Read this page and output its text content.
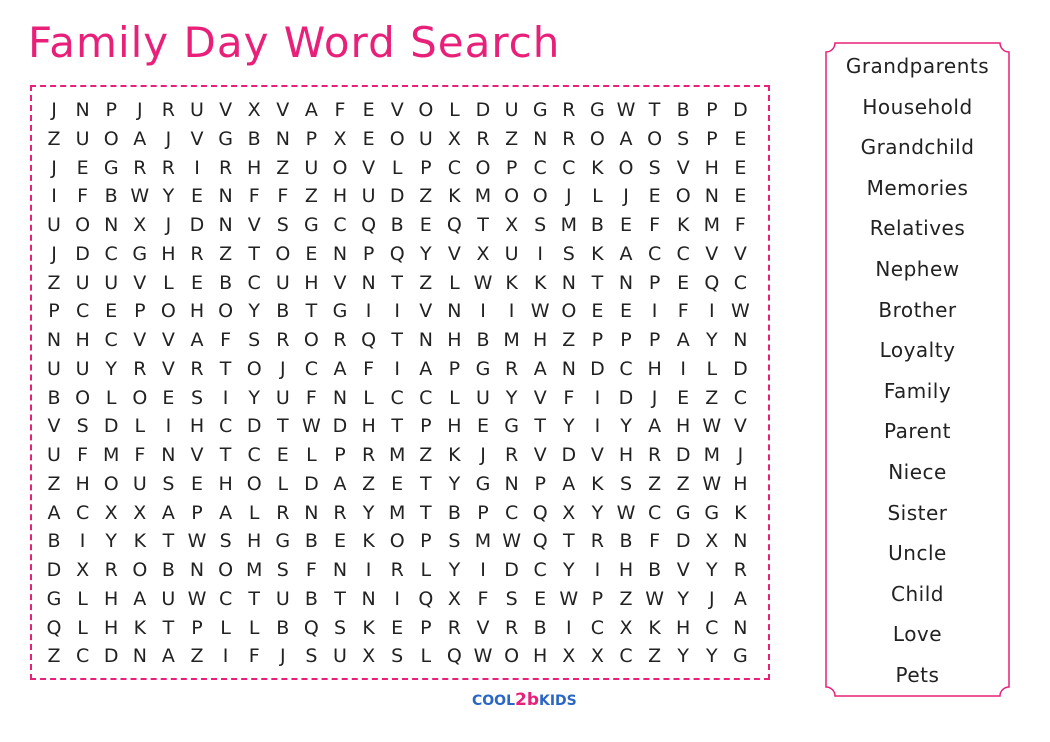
Family Day Word Search
J N P	J	R U V X V A F E V O L D U G R G W T B P D
Z U O A	J	V G B N P X E O U X R Z N R O A O S P E
J	E G R R	I	R H Z U O V L P C O P C C K O S V H E
I	F B W Y E N F F Z H U D Z K M O O J	L	J	E O N E
U O N X	J D N V S G C Q B E Q T X S M B E F K M F
J D C G H R Z T O E N P Q Y V X U I	S K A C C V V
Z U U V L E B C U H V N T Z L W K K N T N P E Q C
P C E P O H O Y B T G I	I	V N I	I W O E E	I	F	I W
N H C V V A F S R O R Q T N H B M H Z P P P A Y N
U U Y R V R T O J	C A F	I	A P G R A N D C H I	L D
B O L O E S	I	Y U F N L C C L U Y V F	I D J	E Z C
V S D L	I H C D T W D H T P H E G T Y	I	Y A H W V
U F M F N V T C E L P R M Z K	J	R V D V H R D M J
Z H O U S E H O L D A Z E T Y G N P A K S Z Z W H
A C X X A P A L R N R Y M T B P C Q X Y W C G G K
B	I	Y K T W S H G B E K O P S M W Q T R B F D X N
D X R O B N O M S F N I	R L Y	I D C Y	I H B V Y R
G L H A U W C T U B T N I Q X F S E W P Z W Y	J	A
Q L H K T P L L B Q S K E P R V R B	I	C X K H C N
Z C D N A Z	I	F	J	S U X S L Q W O H X X C Z Y Y G
Grandparents
Household
Grandchild
Memories
Relatives
Nephew
Brother
Loyalty
Family
Parent
Niece
Sister
Uncle
Child
Love
Pets
COOL2bKIDS
